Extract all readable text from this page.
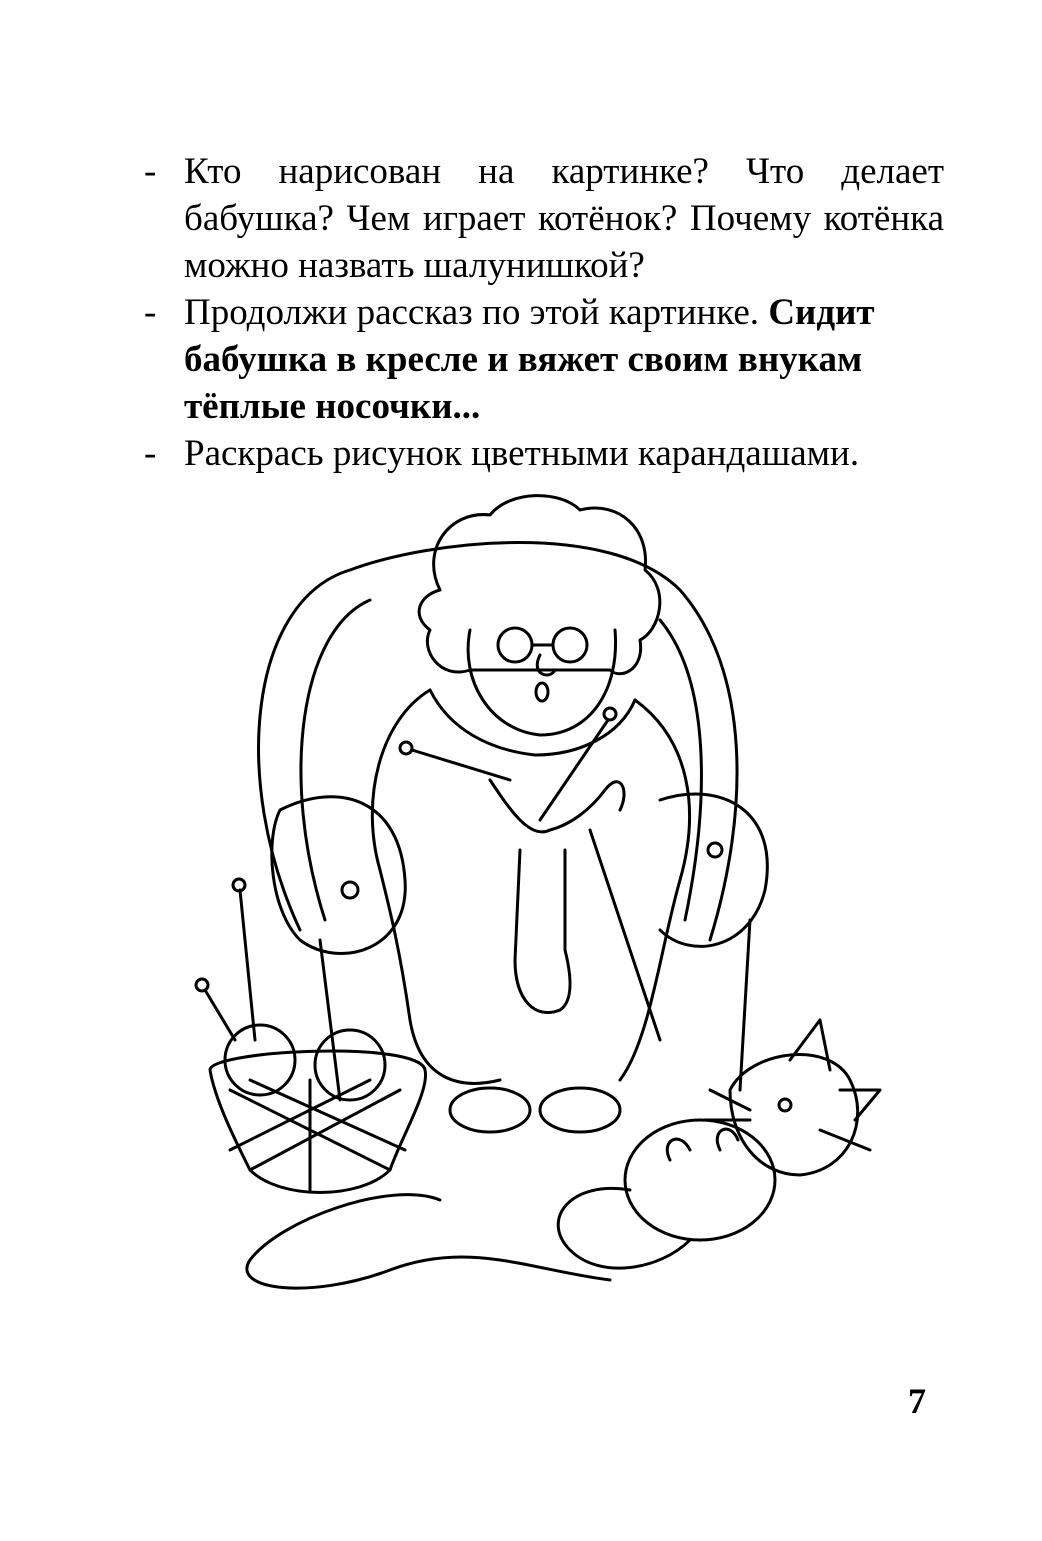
- Кто нарисован на картинке? Что делает бабушка? Чем играет котёнок? Почему котёнка можно назвать шалунишкой?

- Продолжи рассказ по этой картинке. Сидит бабушка в кресле и вяжет своим внукам тёплые носочки...

- Раскрась рисунок цветными карандашами.

7
